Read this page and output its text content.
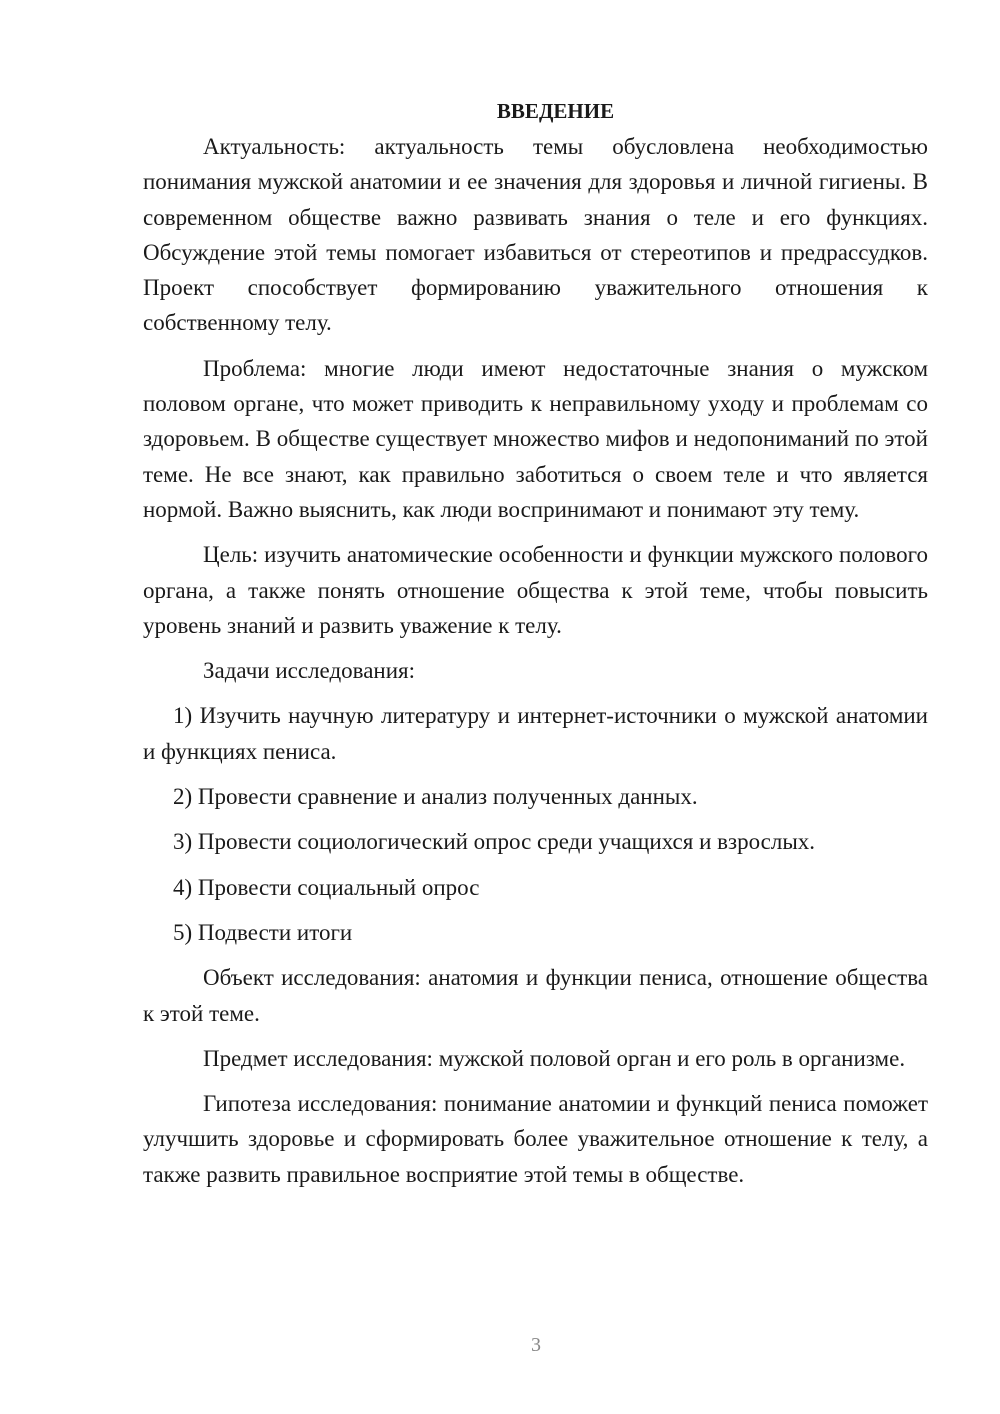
ВВЕДЕНИЕ

Актуальность: актуальность темы обусловлена необходимостью понимания мужской анатомии и ее значения для здоровья и личной гигиены. В современном обществе важно развивать знания о теле и его функциях. Обсуждение этой темы помогает избавиться от стереотипов и предрассудков. Проект способствует формированию уважительного отношения к собственному телу.

Проблема: многие люди имеют недостаточные знания о мужском половом органе, что может приводить к неправильному уходу и проблемам со здоровьем. В обществе существует множество мифов и недопониманий по этой теме. Не все знают, как правильно заботиться о своем теле и что является нормой. Важно выяснить, как люди воспринимают и понимают эту тему.

Цель: изучить анатомические особенности и функции мужского полового органа, а также понять отношение общества к этой теме, чтобы повысить уровень знаний и развить уважение к телу.

Задачи исследования:

1) Изучить научную литературу и интернет-источники о мужской анатомии и функциях пениса.

2) Провести сравнение и анализ полученных данных.

3) Провести социологический опрос среди учащихся и взрослых.

4) Провести социальный опрос

5) Подвести итоги

Объект исследования: анатомия и функции пениса, отношение общества к этой теме.

Предмет исследования: мужской половой орган и его роль в организме.

Гипотеза исследования: понимание анатомии и функций пениса поможет улучшить здоровье и сформировать более уважительное отношение к телу, а также развить правильное восприятие этой темы в обществе.

3
